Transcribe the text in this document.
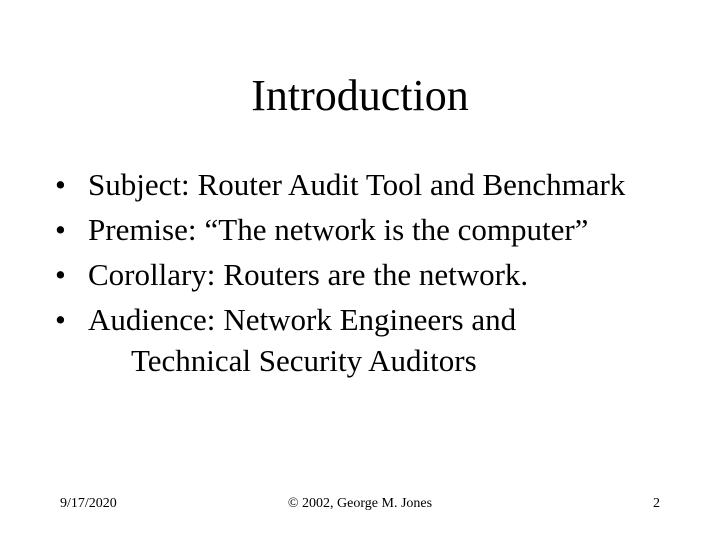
Introduction
• Subject: Router Audit Tool and Benchmark
• Premise: “The network is the computer”
• Corollary: Routers are the network.
• Audience: Network Engineers and
Technical Security Auditors
9/17/2020	© 2002, George M. Jones	2
